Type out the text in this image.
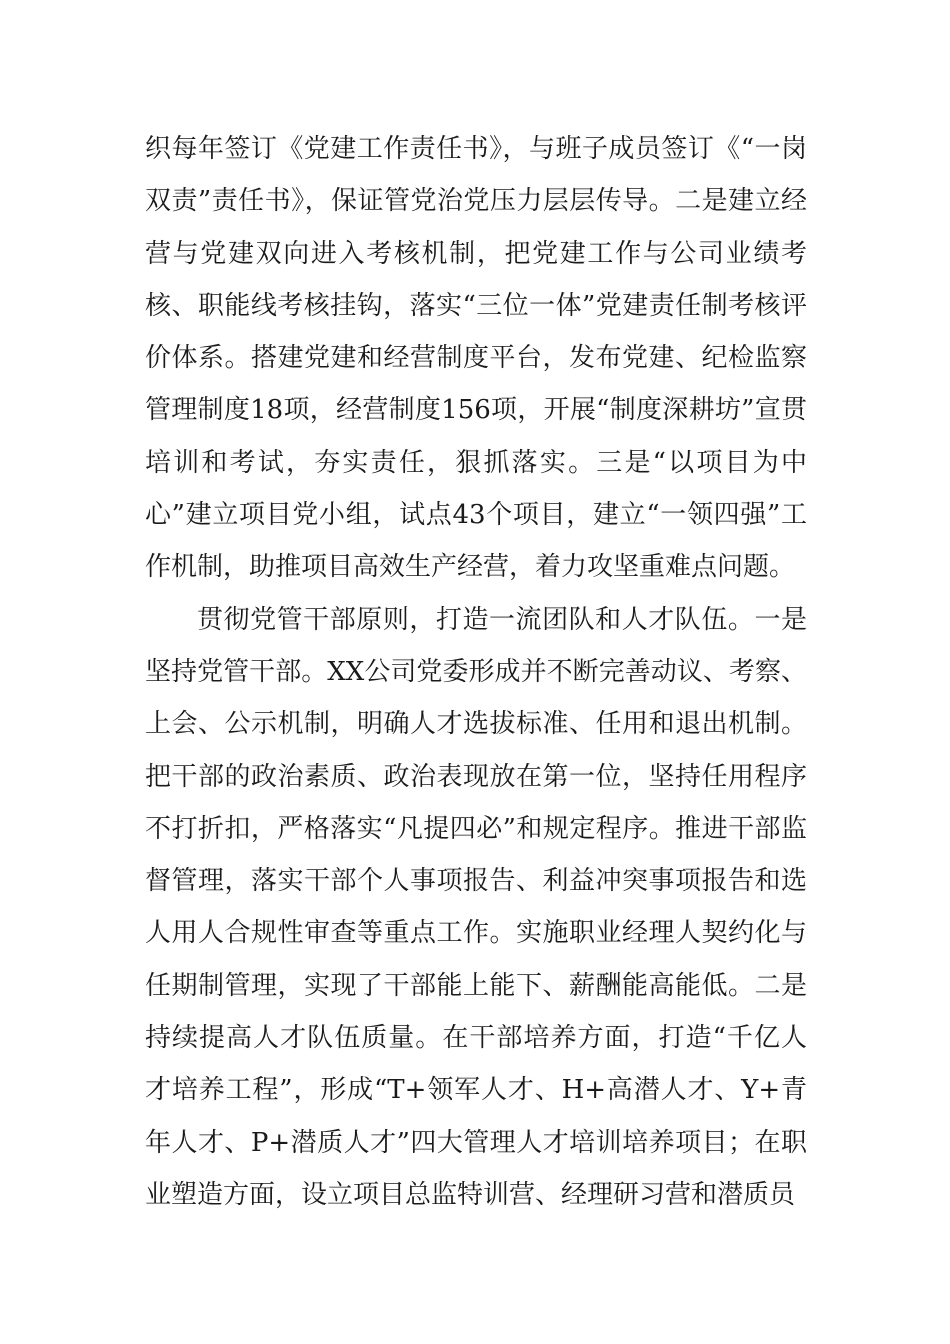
织每年签订《党建工作责任书》，与班子成员签订《“一岗双责”责任书》，保证管党治党压力层层传导。二是建立经营与党建双向进入考核机制，把党建工作与公司业绩考核、职能线考核挂钩，落实“三位一体”党建责任制考核评价体系。搭建党建和经营制度平台，发布党建、纪检监察管理制度18项，经营制度156项，开展“制度深耕坊”宣贯培训和考试，夯实责任，狠抓落实。三是“以项目为中心”建立项目党小组，试点43个项目，建立“一领四强”工作机制，助推项目高效生产经营，着力攻坚重难点问题。

贯彻党管干部原则，打造一流团队和人才队伍。一是坚持党管干部。XX公司党委形成并不断完善动议、考察、上会、公示机制，明确人才选拔标准、任用和退出机制。把干部的政治素质、政治表现放在第一位，坚持任用程序不打折扣，严格落实“凡提四必”和规定程序。推进干部监督管理，落实干部个人事项报告、利益冲突事项报告和选人用人合规性审查等重点工作。实施职业经理人契约化与任期制管理，实现了干部能上能下、薪酬能高能低。二是持续提高人才队伍质量。在干部培养方面，打造“千亿人才培养工程”，形成“T+领军人才、H+高潜人才、Y+青年人才、P+潜质人才”四大管理人才培训培养项目；在职业塑造方面，设立项目总监特训营、经理研习营和潜质员
